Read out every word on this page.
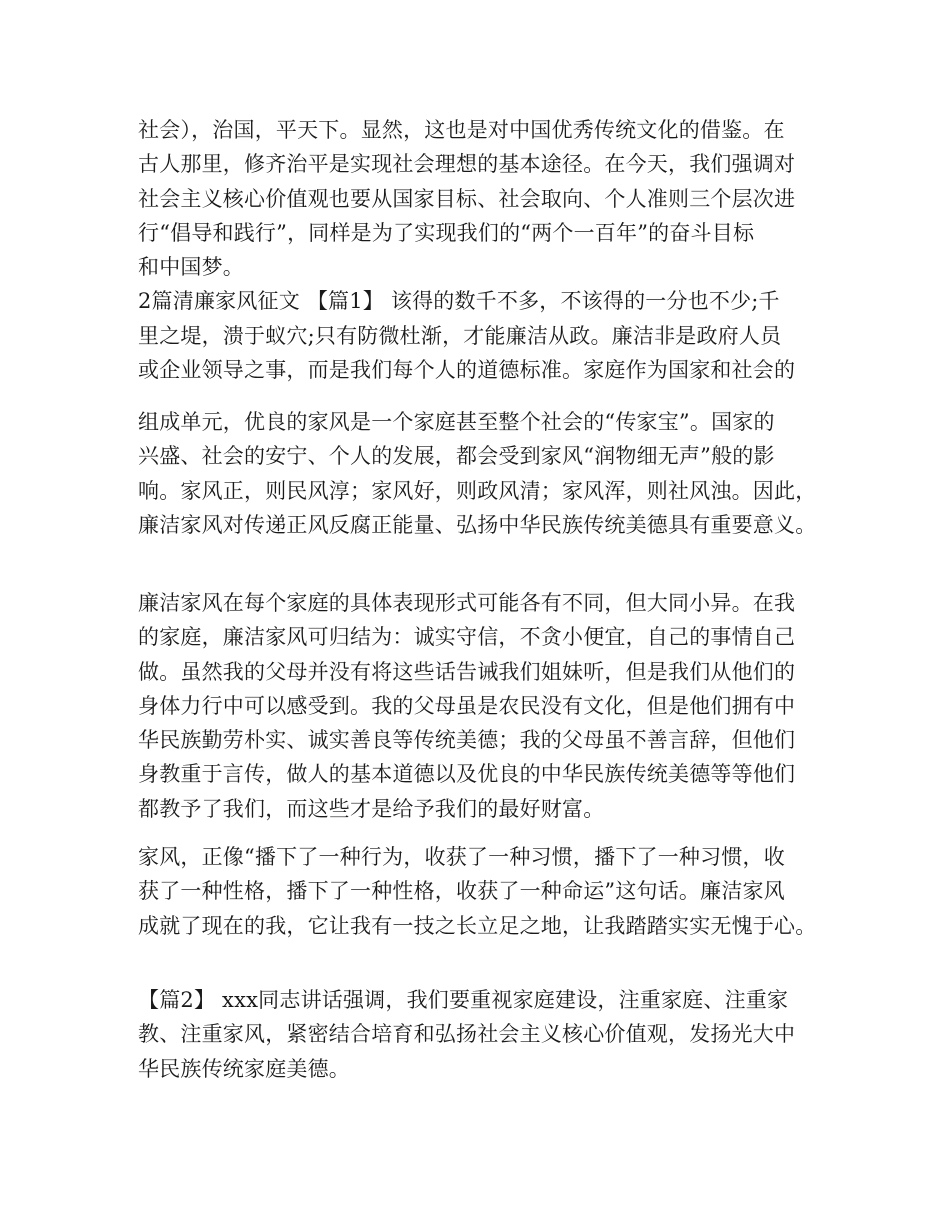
社会），治国，平天下。显然，这也是对中国优秀传统文化的借鉴。在
古人那里，修齐治平是实现社会理想的基本途径。在今天，我们强调对
社会主义核心价值观也要从国家目标、社会取向、个人准则三个层次进
行“倡导和践行”，同样是为了实现我们的“两个一百年”的奋斗目标
和中国梦。
2篇清廉家风征文 【篇1】 该得的数千不多，不该得的一分也不少;千
里之堤，溃于蚁穴;只有防微杜渐，才能廉洁从政。廉洁非是政府人员
或企业领导之事，而是我们每个人的道德标准。家庭作为国家和社会的
组成单元，优良的家风是一个家庭甚至整个社会的“传家宝”。国家的
兴盛、社会的安宁、个人的发展，都会受到家风“润物细无声”般的影
响。家风正，则民风淳；家风好，则政风清；家风浑，则社风浊。因此，
廉洁家风对传递正风反腐正能量、弘扬中华民族传统美德具有重要意义。
廉洁家风在每个家庭的具体表现形式可能各有不同，但大同小异。在我
的家庭，廉洁家风可归结为：诚实守信，不贪小便宜，自己的事情自己
做。虽然我的父母并没有将这些话告诫我们姐妹听，但是我们从他们的
身体力行中可以感受到。我的父母虽是农民没有文化，但是他们拥有中
华民族勤劳朴实、诚实善良等传统美德；我的父母虽不善言辞，但他们
身教重于言传，做人的基本道德以及优良的中华民族传统美德等等他们
都教予了我们，而这些才是给予我们的最好财富。
家风，正像“播下了一种行为，收获了一种习惯，播下了一种习惯，收
获了一种性格，播下了一种性格，收获了一种命运”这句话。廉洁家风
成就了现在的我，它让我有一技之长立足之地，让我踏踏实实无愧于心。
【篇2】 xxx同志讲话强调，我们要重视家庭建设，注重家庭、注重家
教、注重家风，紧密结合培育和弘扬社会主义核心价值观，发扬光大中
华民族传统家庭美德。
